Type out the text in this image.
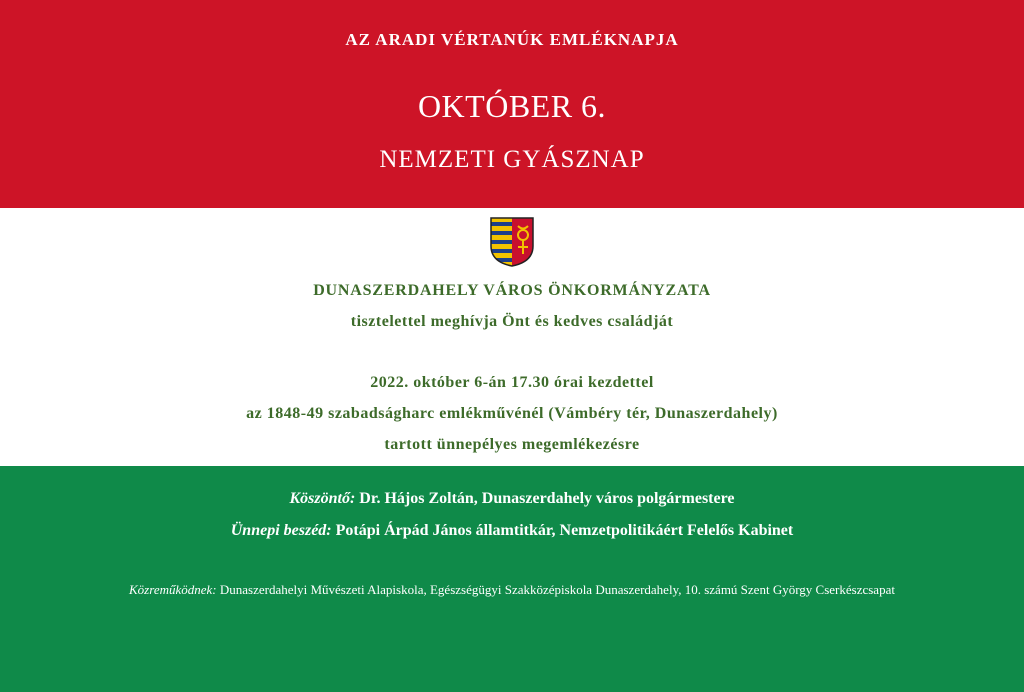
AZ ARADI VÉRTANÚK EMLÉKNAPJA
OKTÓBER 6.
NEMZETI GYÁSZNAP
DUNASZERDAHELY VÁROS ÖNKORMÁNYZATA
tisztelettel meghívja Önt és kedves családját
2022. október 6-án 17.30 órai kezdettel
az 1848-49 szabadságharc emlékművénél (Vámbéry tér, Dunaszerdahely)
tartott ünnepélyes megemlékezésre
Köszöntő: Dr. Hájos Zoltán, Dunaszerdahely város polgármestere
Ünnepi beszéd: Potápi Árpád János államtitkár, Nemzetpolitikáért Felelős Kabinet
Közreműködnek: Dunaszerdahelyi Művészeti Alapiskola, Egészségügyi Szakközépiskola Dunaszerdahely, 10. számú Szent György Cserkészcsapat
